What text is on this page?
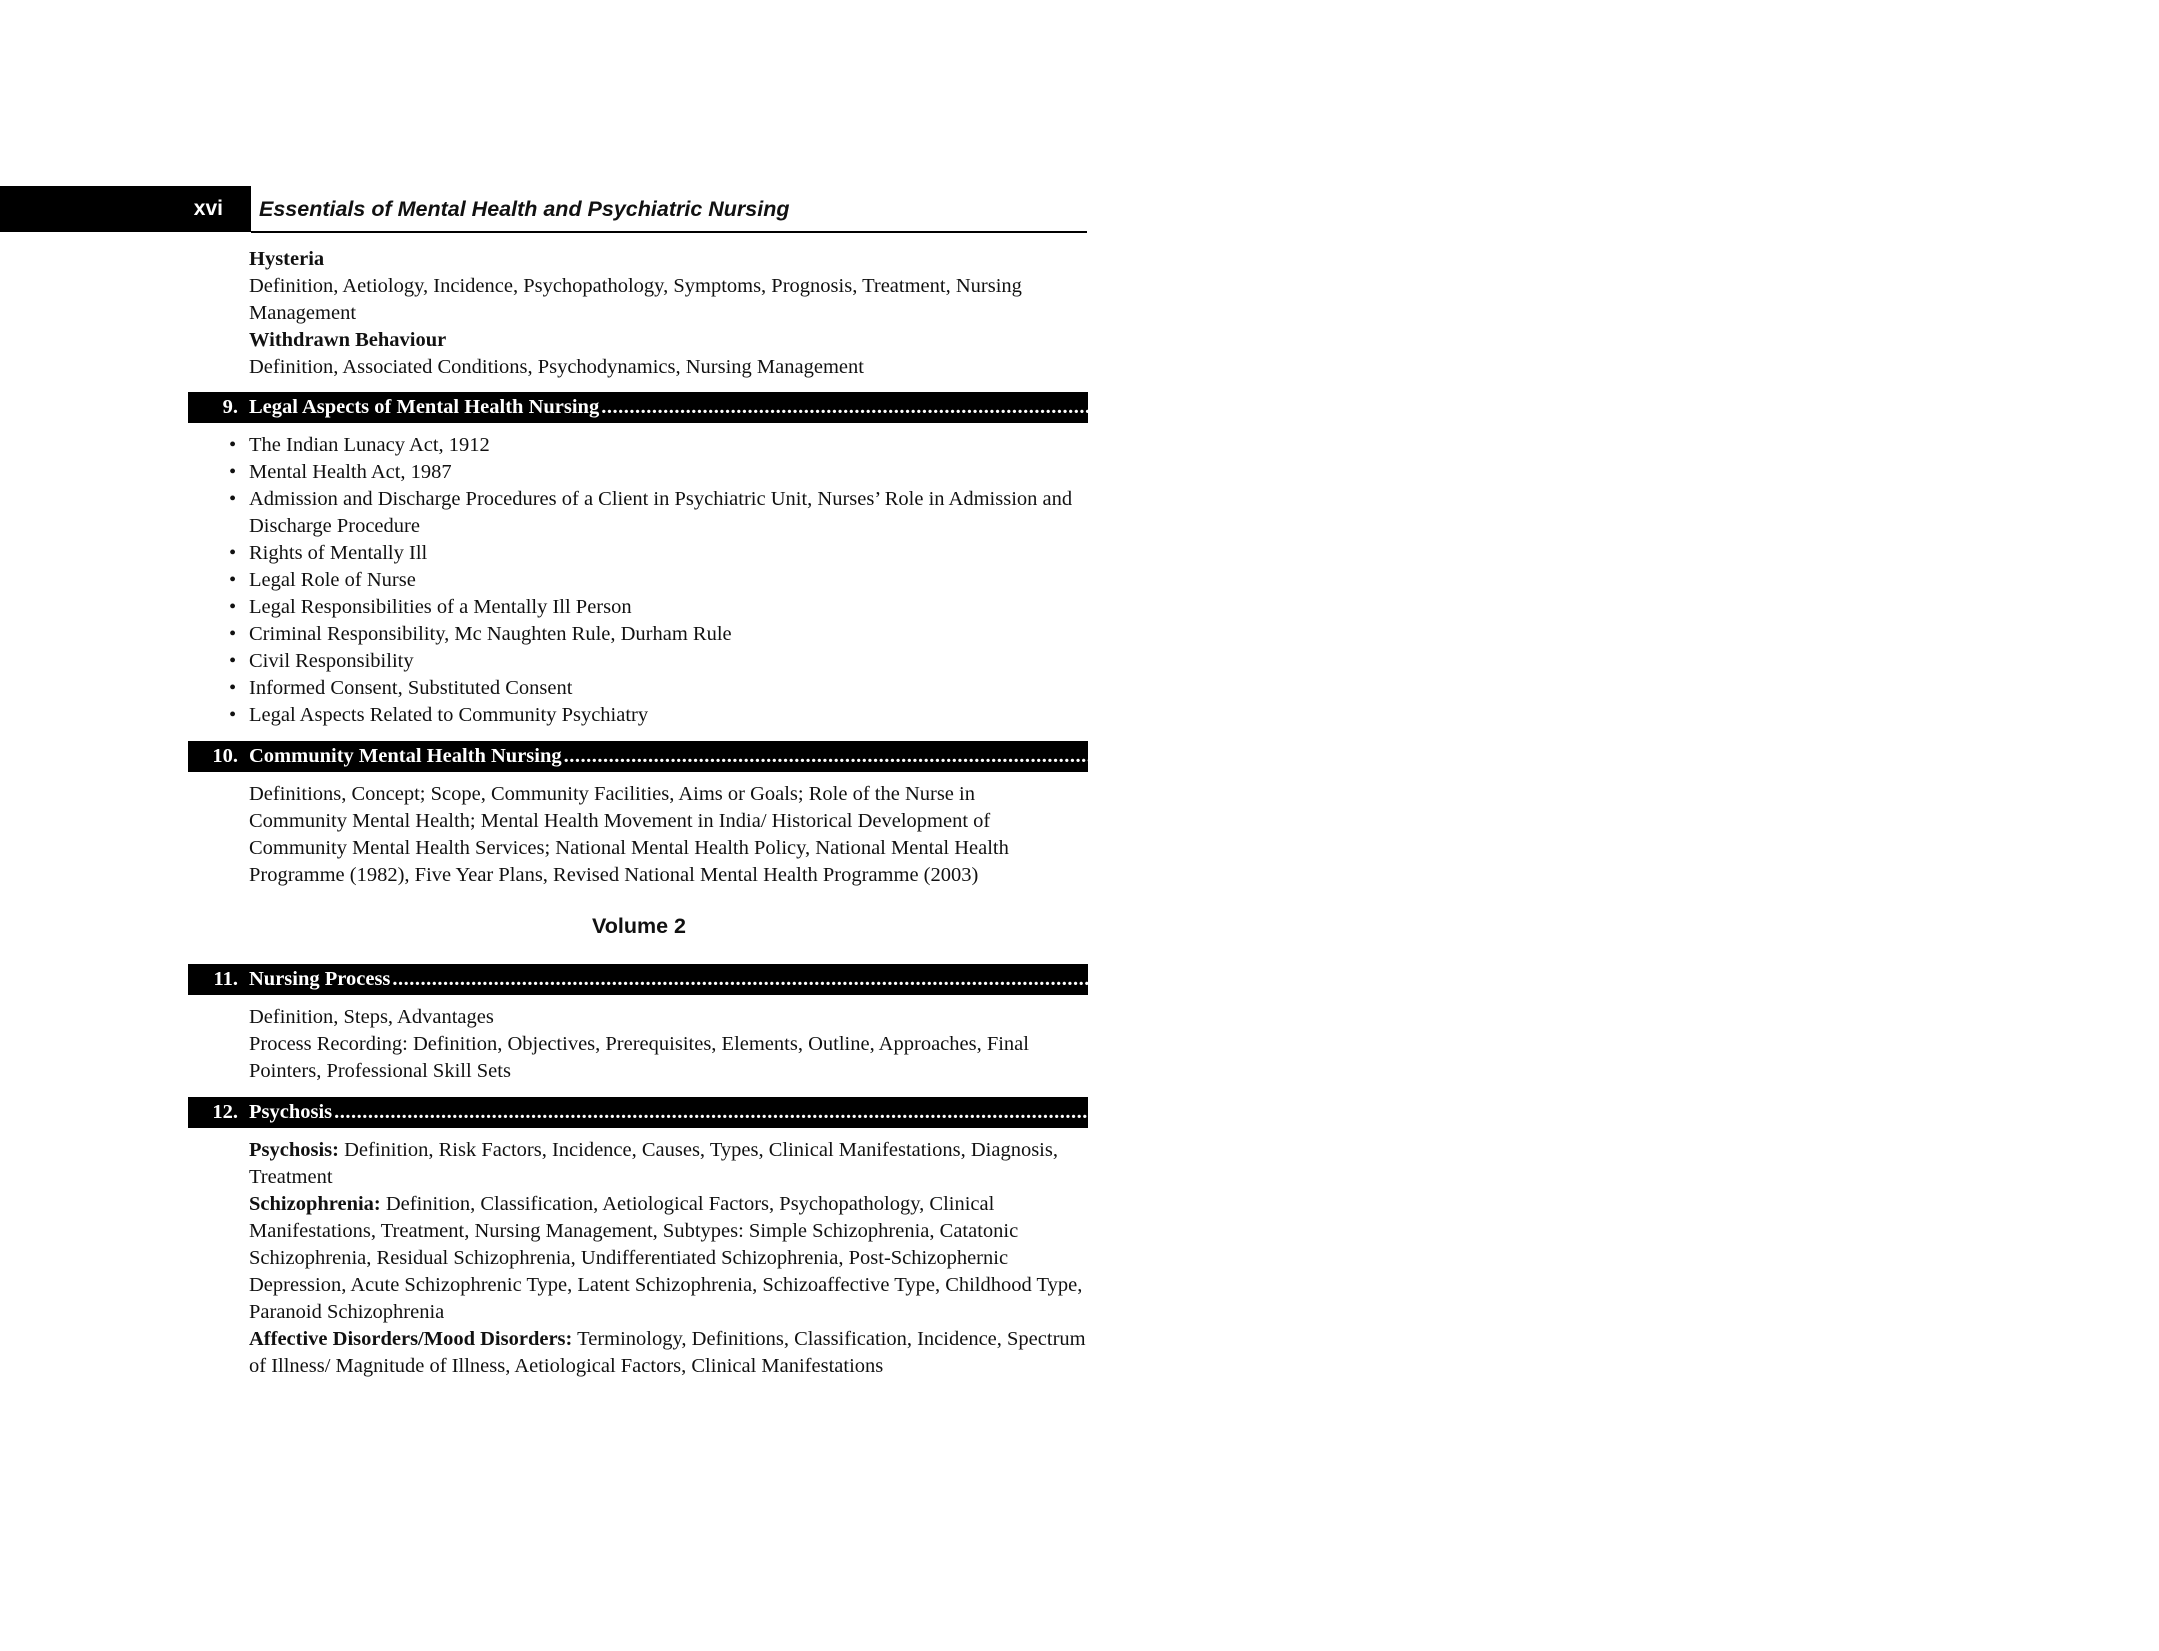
xvi Essentials of Mental Health and Psychiatric Nursing
Hysteria

Definition, Aetiology, Incidence, Psychopathology, Symptoms, Prognosis, Treatment, Nursing Management

Withdrawn Behaviour

Definition, Associated Conditions, Psychodynamics, Nursing Management

9. Legal Aspects of Mental Health Nursing ............................................................................................................................................................................................................................................................................... 340
• The Indian Lunacy Act, 1912
• Mental Health Act, 1987
• Admission and Discharge Procedures of a Client in Psychiatric Unit, Nurses’ Role in Admission and Discharge Procedure
• Rights of Mentally Ill
• Legal Role of Nurse
• Legal Responsibilities of a Mentally Ill Person
• Criminal Responsibility, Mc Naughten Rule, Durham Rule
• Civil Responsibility
• Informed Consent, Substituted Consent
• Legal Aspects Related to Community Psychiatry
10. Community Mental Health Nursing ............................................................................................................................................................................................................................................................................... 353

Definitions, Concept; Scope, Community Facilities, Aims or Goals; Role of the Nurse in Community Mental Health; Mental Health Movement in India/ Historical Development of Community Mental Health Services; National Mental Health Policy, National Mental Health Programme (1982), Five Year Plans, Revised National Mental Health Programme (2003)

Volume 2
11. Nursing Process ............................................................................................................................................................................................................................................................................... 363

Definition, Steps, Advantages

Process Recording: Definition, Objectives, Prerequisites, Elements, Outline, Approaches, Final Pointers, Professional Skill Sets

12. Psychosis ............................................................................................................................................................................................................................................................................... 372

Psychosis: Definition, Risk Factors, Incidence, Causes, Types, Clinical Manifestations, Diagnosis, Treatment

Schizophrenia: Definition, Classification, Aetiological Factors, Psychopathology, Clinical Manifestations, Treatment, Nursing Management, Subtypes: Simple Schizophrenia, Catatonic Schizophrenia, Residual Schizophrenia, Undifferentiated Schizophrenia, Post-Schizophernic Depression, Acute Schizophrenic Type, Latent Schizophrenia, Schizoaffective Type, Childhood Type, Paranoid Schizophrenia

Affective Disorders/Mood Disorders: Terminology, Definitions, Classification, Incidence, Spectrum of Illness/ Magnitude of Illness, Aetiological Factors, Clinical Manifestations
